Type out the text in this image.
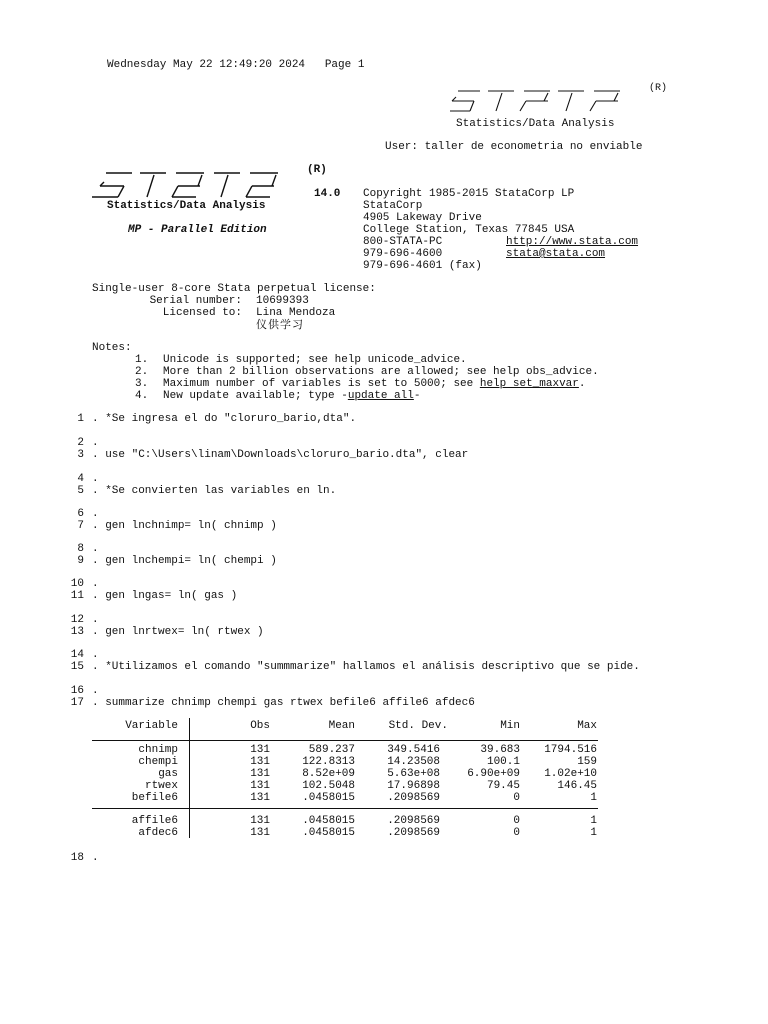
Wednesday May 22 12:49:20 2024   Page 1
(R)
Statistics/Data Analysis
User: taller de econometria no enviable
(R)
14.0
Statistics/Data Analysis
MP - Parallel Edition
Copyright 1985-2015 StataCorp LP
StataCorp
4905 Lakeway Drive
College Station, Texas 77845 USA
800-STATA-PC	http://www.stata.com
979-696-4600	stata@stata.com
979-696-4601 (fax)
Single-user 8-core Stata perpetual license:
Serial number: 10699393
Licensed to: Lina Mendoza
仪供学习
Notes:
1. Unicode is supported; see help unicode_advice.
2. More than 2 billion observations are allowed; see help obs_advice.
3. Maximum number of variables is set to 5000; see help set_maxvar.
4. New update available; type -update all-
1 . *Se ingresa el do "cloruro_bario,dta".
2 .
3 . use "C:\Users\linam\Downloads\cloruro_bario.dta", clear
4 .
5 . *Se convierten las variables en ln.
6 .
7 . gen lnchnimp= ln( chnimp )
8 .
9 . gen lnchempi= ln( chempi )
10 .
11 . gen lngas= ln( gas )
12 .
13 . gen lnrtwex= ln( rtwex )
14 .
15 . *Utilizamos el comando "summmarize" hallamos el análisis descriptivo que se pide.
16 .
17 . summarize chnimp chempi gas rtwex befile6 affile6 afdec6
Variable	Obs	Mean	Std. Dev.	Min	Max
chnimp	131	589.237	349.5416	39.683	1794.516
chempi	131	122.8313	14.23508	100.1	159
gas	131	8.52e+09	5.63e+08	6.90e+09	1.02e+10
rtwex	131	102.5048	17.96898	79.45	146.45
befile6	131	.0458015	.2098569	0	1
affile6	131	.0458015	.2098569	0	1
afdec6	131	.0458015	.2098569	0	1
18 .
